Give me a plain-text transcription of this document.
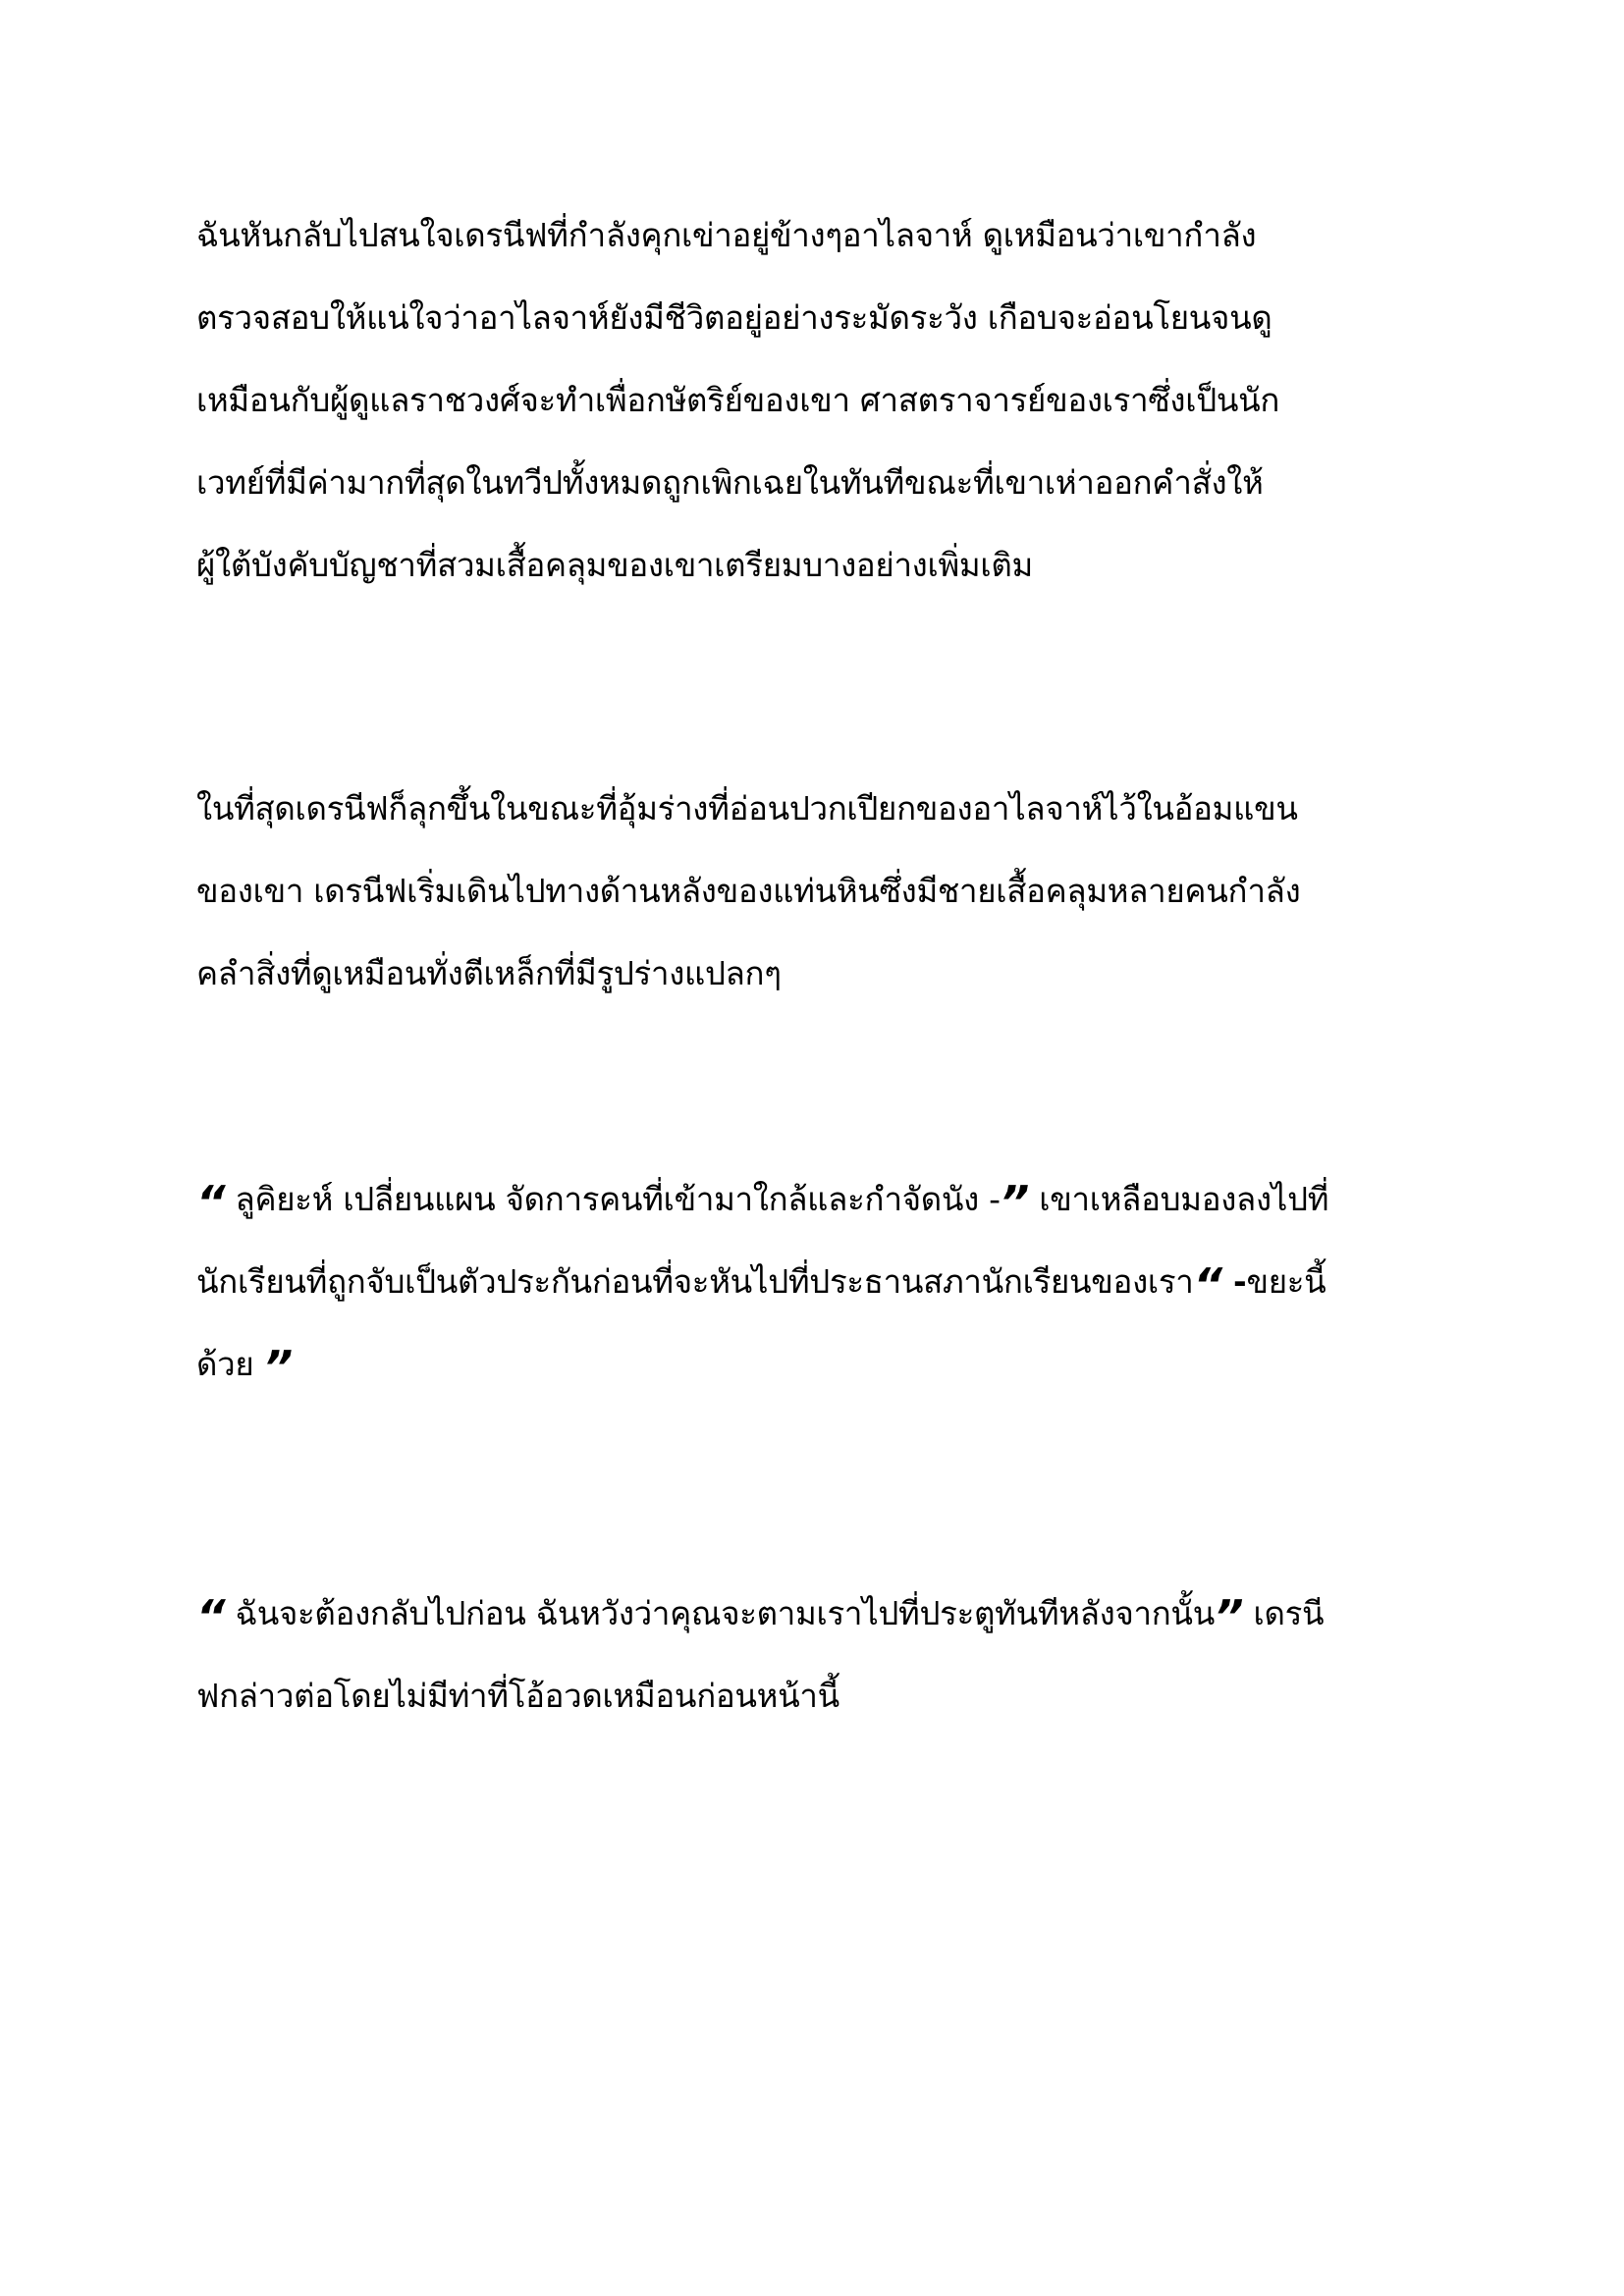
ฉันหันกลับไปสนใจเดรนีฟที่กำลังคุกเข่าอยู่ข้างๆอาไลจาห์ ดูเหมือนว่าเขากำลัง
ตรวจสอบให้แน่ใจว่าอาไลจาห์ยังมีชีวิตอยู่อย่างระมัดระวัง เกือบจะอ่อนโยนจนดู
เหมือนกับผู้ดูแลราชวงศ์จะทำเพื่อกษัตริย์ของเขา ศาสตราจารย์ของเราซึ่งเป็นนัก
เวทย์ที่มีค่ามากที่สุดในทวีปทั้งหมดถูกเพิกเฉยในทันทีขณะที่เขาเห่าออกคำสั่งให้
ผู้ใต้บังคับบัญชาที่สวมเสื้อคลุมของเขาเตรียมบางอย่างเพิ่มเติม
ในที่สุดเดรนีฟก็ลุกขึ้นในขณะที่อุ้มร่างที่อ่อนปวกเปียกของอาไลจาห์ไว้ในอ้อมแขน
ของเขา เดรนีฟเริ่มเดินไปทางด้านหลังของแท่นหินซึ่งมีชายเสื้อคลุมหลายคนกำลัง
คลำสิ่งที่ดูเหมือนทั่งตีเหล็กที่มีรูปร่างแปลกๆ
“ ลูคิยะห์ เปลี่ยนแผน จัดการคนที่เข้ามาใกล้และกำจัดนัง -” เขาเหลือบมองลงไปที่
นักเรียนที่ถูกจับเป็นตัวประกันก่อนที่จะหันไปที่ประธานสภานักเรียนของเรา“ -ขยะนี้
ด้วย ”
“ ฉันจะต้องกลับไปก่อน ฉันหวังว่าคุณจะตามเราไปที่ประตูทันทีหลังจากนั้น” เดรนี
ฟกล่าวต่อโดยไม่มีท่าที่โอ้อวดเหมือนก่อนหน้านี้
